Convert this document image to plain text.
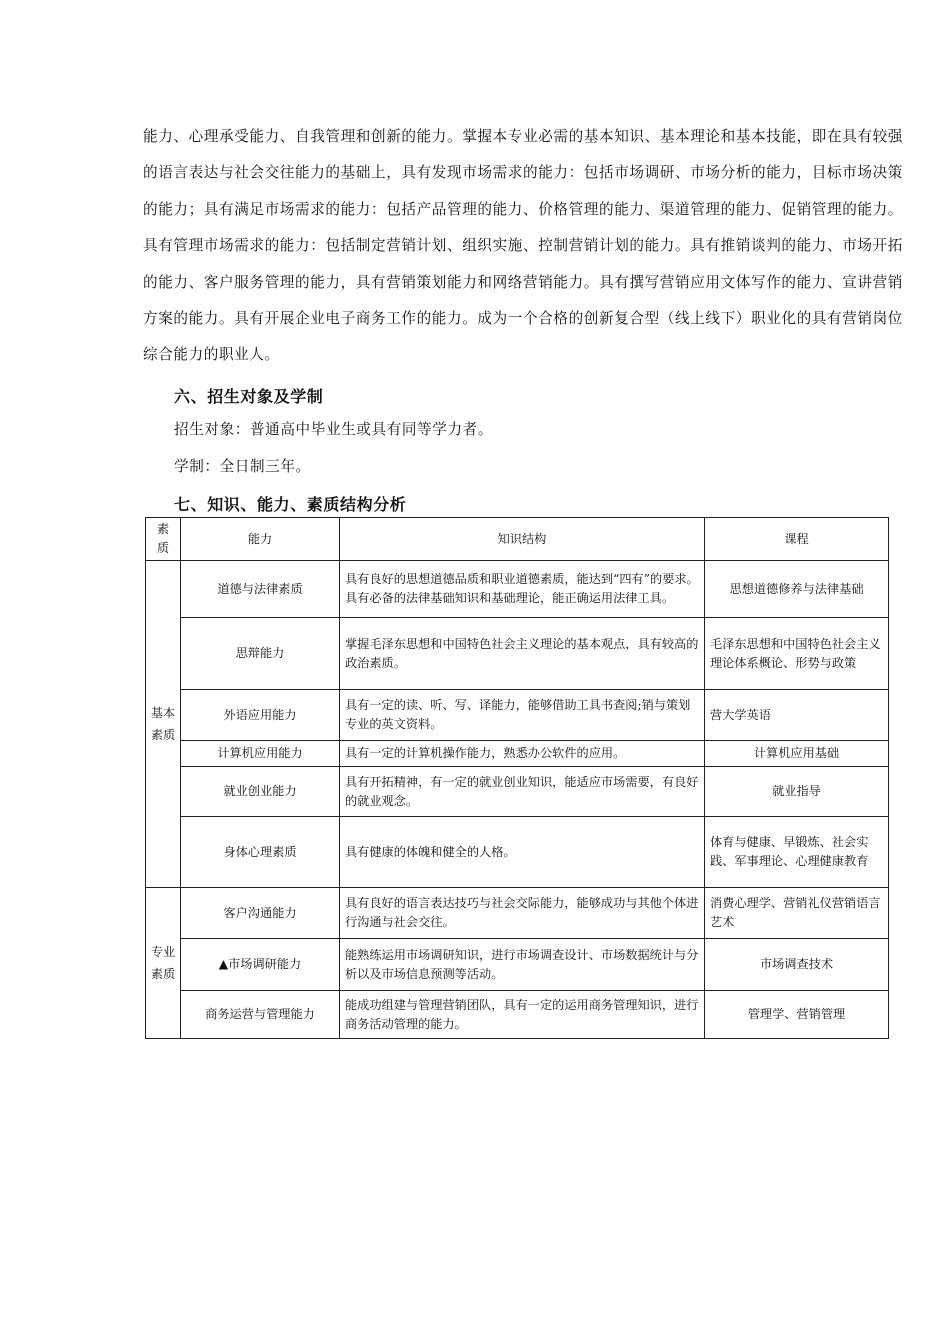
能力、心理承受能力、自我管理和创新的能力。掌握本专业必需的基本知识、基本理论和基本技能，即在具有较强的语言表达与社会交往能力的基础上，具有发现市场需求的能力：包括市场调研、市场分析的能力，目标市场决策的能力；具有满足市场需求的能力：包括产品管理的能力、价格管理的能力、渠道管理的能力、促销管理的能力。具有管理市场需求的能力：包括制定营销计划、组织实施、控制营销计划的能力。具有推销谈判的能力、市场开拓的能力、客户服务管理的能力，具有营销策划能力和网络营销能力。具有撰写营销应用文体写作的能力、宣讲营销方案的能力。具有开展企业电子商务工作的能力。成为一个合格的创新复合型（线上线下）职业化的具有营销岗位综合能力的职业人。

六、招生对象及学制

招生对象：普通高中毕业生或具有同等学力者。

学制：全日制三年。

七、知识、能力、素质结构分析

素质	能力	知识结构	课程

基本素质	道德与法律素质	具有良好的思想道德品质和职业道德素质，能达到“四有”的要求。具有必备的法律基础知识和基础理论，能正确运用法律工具。	思想道德修养与法律基础
	思辩能力	掌握毛泽东思想和中国特色社会主义理论的基本观点，具有较高的政治素质。	毛泽东思想和中国特色社会主义理论体系概论、形势与政策
	外语应用能力	具有一定的读、听、写、译能力，能够借助工具书查阅;销与策划专业的英文资料。	营大学英语
	计算机应用能力	具有一定的计算机操作能力，熟悉办公软件的应用。	计算机应用基础
	就业创业能力	具有开拓精神，有一定的就业创业知识，能适应市场需要，有良好的就业观念。	就业指导
	身体心理素质	具有健康的体魄和健全的人格。	体育与健康、早锻炼、社会实践、军事理论、心理健康教育

专业素质	客户沟通能力	具有良好的语言表达技巧与社会交际能力，能够成功与其他个体进行沟通与社会交往。	消费心理学、营销礼仪营销语言艺术
	▲市场调研能力	能熟练运用市场调研知识，进行市场调查设计、市场数据统计与分析以及市场信息预测等活动。	市场调查技术
	商务运营与管理能力	能成功组建与管理营销团队，具有一定的运用商务管理知识，进行商务活动管理的能力。	管理学、营销管理
